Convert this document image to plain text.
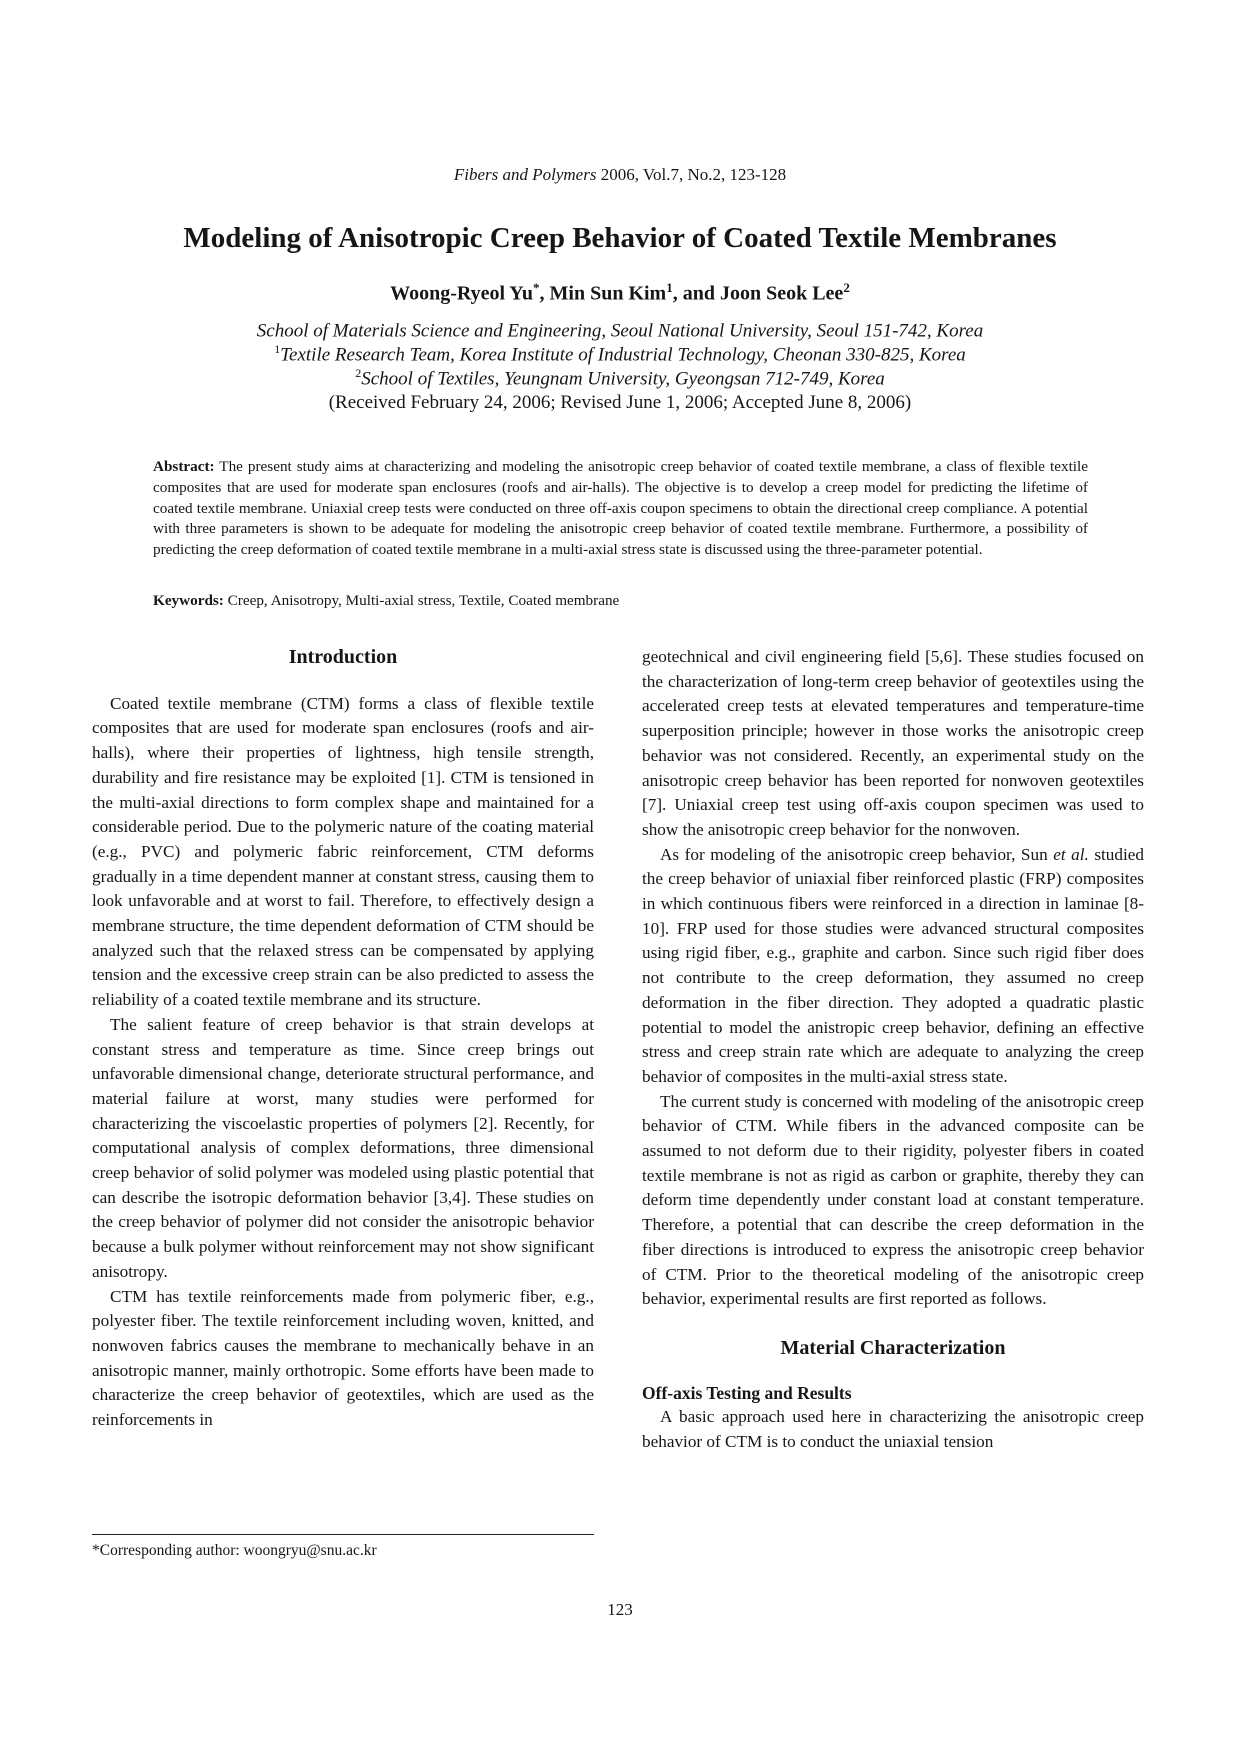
Fibers and Polymers 2006, Vol.7, No.2, 123-128
Modeling of Anisotropic Creep Behavior of Coated Textile Membranes
Woong-Ryeol Yu*, Min Sun Kim$^1$, and Joon Seok Lee$^2$
School of Materials Science and Engineering, Seoul National University, Seoul 151-742, Korea
$^1$Textile Research Team, Korea Institute of Industrial Technology, Cheonan 330-825, Korea
$^2$School of Textiles, Yeungnam University, Gyeongsan 712-749, Korea
(Received February 24, 2006; Revised June 1, 2006; Accepted June 8, 2006)

Abstract: The present study aims at characterizing and modeling the anisotropic creep behavior of coated textile membrane, a class of flexible textile composites that are used for moderate span enclosures (roofs and air-halls). The objective is to develop a creep model for predicting the lifetime of coated textile membrane. Uniaxial creep tests were conducted on three off-axis coupon specimens to obtain the directional creep compliance. A potential with three parameters is shown to be adequate for modeling the anisotropic creep behavior of coated textile membrane. Furthermore, a possibility of predicting the creep deformation of coated textile membrane in a multi-axial stress state is discussed using the three-parameter potential.

Keywords: Creep, Anisotropy, Multi-axial stress, Textile, Coated membrane
Introduction

Coated textile membrane (CTM) forms a class of flexible textile composites that are used for moderate span enclosures (roofs and air-halls), where their properties of lightness, high tensile strength, durability and fire resistance may be exploited [1]. CTM is tensioned in the multi-axial directions to form complex shape and maintained for a considerable period. Due to the polymeric nature of the coating material (e.g., PVC) and polymeric fabric reinforcement, CTM deforms gradually in a time dependent manner at constant stress, causing them to look unfavorable and at worst to fail. Therefore, to effectively design a membrane structure, the time dependent deformation of CTM should be analyzed such that the relaxed stress can be compensated by applying tension and the excessive creep strain can be also predicted to assess the reliability of a coated textile membrane and its structure.

The salient feature of creep behavior is that strain develops at constant stress and temperature as time. Since creep brings out unfavorable dimensional change, deteriorate structural performance, and material failure at worst, many studies were performed for characterizing the viscoelastic properties of polymers [2]. Recently, for computational analysis of complex deformations, three dimensional creep behavior of solid polymer was modeled using plastic potential that can describe the isotropic deformation behavior [3,4]. These studies on the creep behavior of polymer did not consider the anisotropic behavior because a bulk polymer without reinforcement may not show significant anisotropy.

CTM has textile reinforcements made from polymeric fiber, e.g., polyester fiber. The textile reinforcement including woven, knitted, and nonwoven fabrics causes the membrane to mechanically behave in an anisotropic manner, mainly orthotropic. Some efforts have been made to characterize the creep behavior of geotextiles, which are used as the reinforcements in

geotechnical and civil engineering field [5,6]. These studies focused on the characterization of long-term creep behavior of geotextiles using the accelerated creep tests at elevated temperatures and temperature-time superposition principle; however in those works the anisotropic creep behavior was not considered. Recently, an experimental study on the anisotropic creep behavior has been reported for nonwoven geotextiles [7]. Uniaxial creep test using off-axis coupon specimen was used to show the anisotropic creep behavior for the nonwoven.

As for modeling of the anisotropic creep behavior, Sun et al. studied the creep behavior of uniaxial fiber reinforced plastic (FRP) composites in which continuous fibers were reinforced in a direction in laminae [8-10]. FRP used for those studies were advanced structural composites using rigid fiber, e.g., graphite and carbon. Since such rigid fiber does not contribute to the creep deformation, they assumed no creep deformation in the fiber direction. They adopted a quadratic plastic potential to model the anistropic creep behavior, defining an effective stress and creep strain rate which are adequate to analyzing the creep behavior of composites in the multi-axial stress state.

The current study is concerned with modeling of the anisotropic creep behavior of CTM. While fibers in the advanced composite can be assumed to not deform due to their rigidity, polyester fibers in coated textile membrane is not as rigid as carbon or graphite, thereby they can deform time dependently under constant load at constant temperature. Therefore, a potential that can describe the creep deformation in the fiber directions is introduced to express the anisotropic creep behavior of CTM. Prior to the theoretical modeling of the anisotropic creep behavior, experimental results are first reported as follows.

Material Characterization
Off-axis Testing and Results

A basic approach used here in characterizing the anisotropic creep behavior of CTM is to conduct the uniaxial tension

*Corresponding author: woongryu@snu.ac.kr
123
